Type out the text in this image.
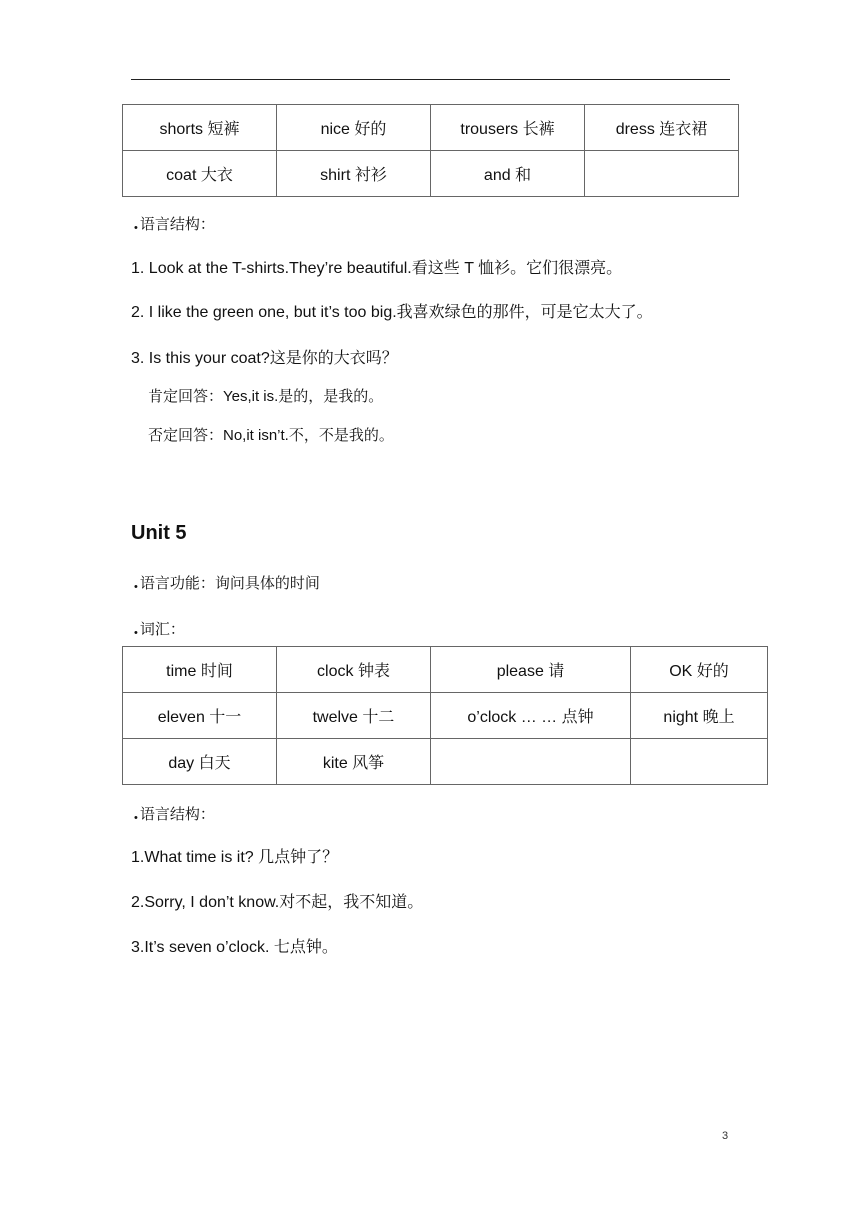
shorts 短裤	nice 好的	trousers 长裤	dress 连衣裙
coat 大衣	shirt 衬衫	and 和	
• 语言结构：
1. Look at the T-shirts.They’re beautiful.看这些 T 恤衫。它们很漂亮。
2. I like the green one, but it’s too big.我喜欢绿色的那件，可是它太大了。
3. Is this your coat?这是你的大衣吗？
肯定回答：Yes,it is.是的，是我的。
否定回答：No,it isn’t.不，不是我的。
Unit 5
• 语言功能：询问具体的时间
• 词汇：
time 时间	clock 钟表	please 请	OK 好的
eleven 十一	twelve 十二	o’clock … … 点钟	night 晚上
day 白天	kite 风筝		
• 语言结构：
1.What time is it? 几点钟了？
2.Sorry, I don’t know.对不起，我不知道。
3.It’s seven o’clock. 七点钟。
3
